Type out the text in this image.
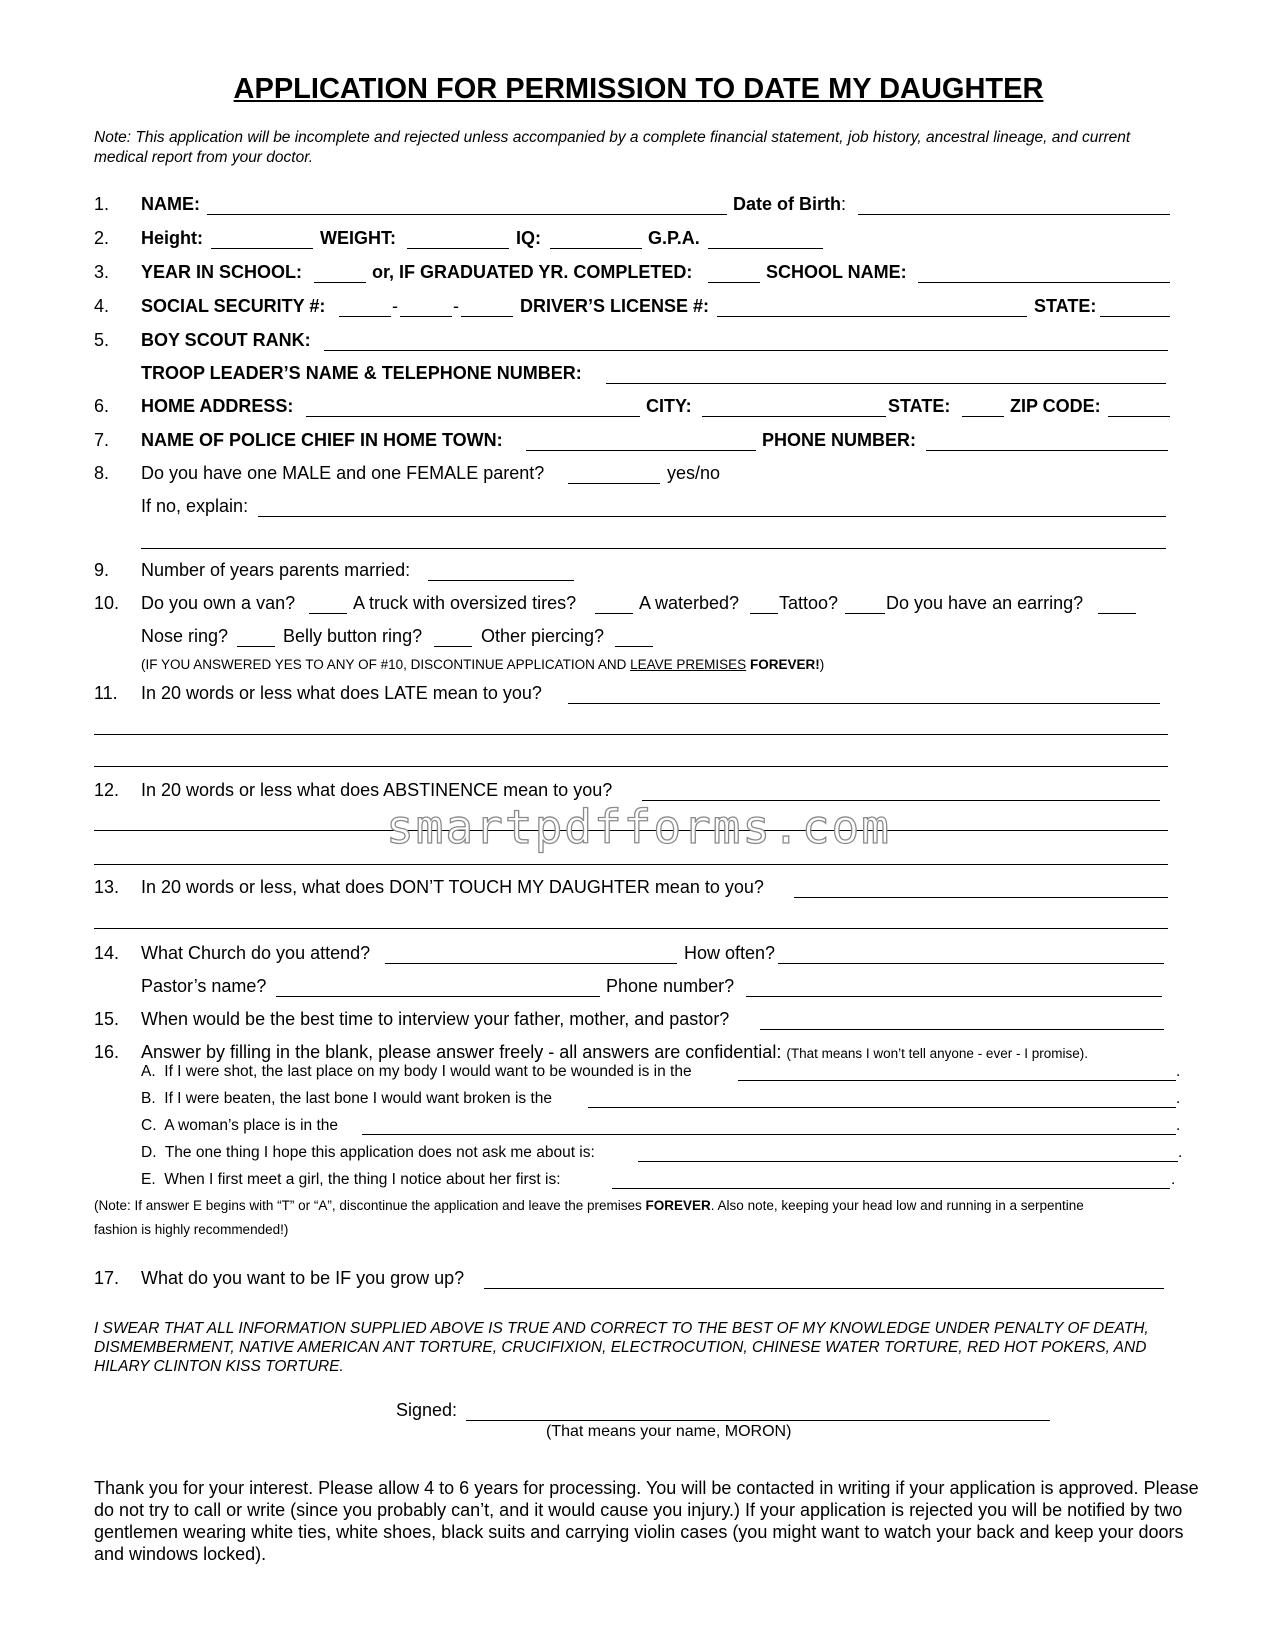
APPLICATION FOR PERMISSION TO DATE MY DAUGHTER
Note: This application will be incomplete and rejected unless accompanied by a complete financial statement, job history, ancestral lineage, and current medical report from your doctor.
1. NAME:	Date of Birth:
2. Height:	WEIGHT:	IQ:	G.P.A.
3. YEAR IN SCHOOL:	or, IF GRADUATED YR. COMPLETED:	SCHOOL NAME:
4. SOCIAL SECURITY #:	-	-	DRIVER’S LICENSE #:	STATE:
5. BOY SCOUT RANK:
TROOP LEADER’S NAME & TELEPHONE NUMBER:
6. HOME ADDRESS:	CITY:	STATE:	ZIP CODE:
7. NAME OF POLICE CHIEF IN HOME TOWN:	PHONE NUMBER:
8. Do you have one MALE and one FEMALE parent?	yes/no
If no, explain:
9. Number of years parents married:
10. Do you own a van?	A truck with oversized tires?	A waterbed? Tattoo?	Do you have an earring?
Nose ring?	Belly button ring?	Other piercing?
(IF YOU ANSWERED YES TO ANY OF #10, DISCONTINUE APPLICATION AND LEAVE PREMISES FOREVER!)
11. In 20 words or less what does LATE mean to you?
12. In 20 words or less what does ABSTINENCE mean to you?
smartpdfforms.com
13. In 20 words or less, what does DON’T TOUCH MY DAUGHTER mean to you?
14. What Church do you attend?	How often?
Pastor’s name?	Phone number?
15. When would be the best time to interview your father, mother, and pastor?
16. Answer by filling in the blank, please answer freely - all answers are confidential: (That means I won’t tell anyone - ever - I promise).
A.  If I were shot, the last place on my body I would want to be wounded is in the	.
B.  If I were beaten, the last bone I would want broken is the	.
C.  A woman’s place is in the	.
D.  The one thing I hope this application does not ask me about is:	.
E.  When I first meet a girl, the thing I notice about her first is:	.
(Note: If answer E begins with “T” or “A”, discontinue the application and leave the premises FOREVER. Also note, keeping your head low and running in a serpentine
fashion is highly recommended!)
17. What do you want to be IF you grow up?
I SWEAR THAT ALL INFORMATION SUPPLIED ABOVE IS TRUE AND CORRECT TO THE BEST OF MY KNOWLEDGE UNDER PENALTY OF DEATH, DISMEMBERMENT, NATIVE AMERICAN ANT TORTURE, CRUCIFIXION, ELECTROCUTION, CHINESE WATER TORTURE, RED HOT POKERS, AND HILARY CLINTON KISS TORTURE.
Signed:
(That means your name, MORON)
Thank you for your interest. Please allow 4 to 6 years for processing. You will be contacted in writing if your application is approved. Please do not try to call or write (since you probably can’t, and it would cause you injury.) If your application is rejected you will be notified by two gentlemen wearing white ties, white shoes, black suits and carrying violin cases (you might want to watch your back and keep your doors and windows locked).
